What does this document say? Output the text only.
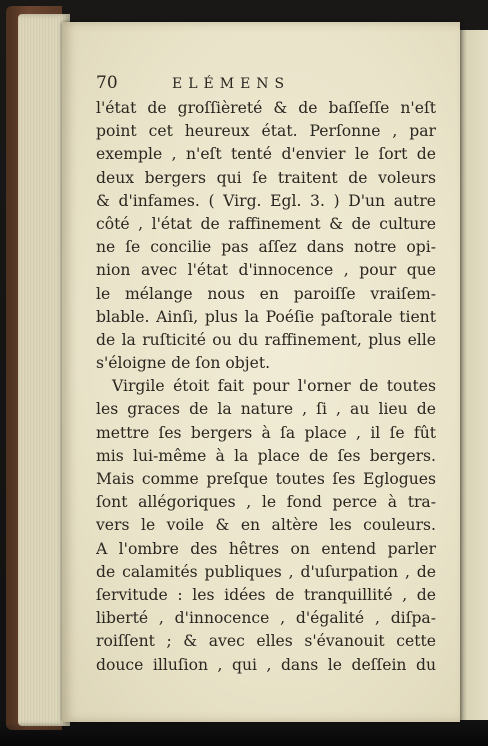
70	ELÉMENS
l'état de groſſièreté & de baſſeſſe n'eſt
point cet heureux état. Perſonne , par
exemple , n'eſt tenté d'envier le ſort de
deux bergers qui ſe traitent de voleurs
& d'infames. ( Virg. Egl. 3. ) D'un autre
côté , l'état de raffinement & de culture
ne ſe concilie pas aſſez dans notre opi-
nion avec l'état d'innocence , pour que
le mélange nous en paroiſſe vraiſem-
blable. Ainſi, plus la Poéſie paſtorale tient
de la ruſticité ou du raffinement, plus elle
s'éloigne de ſon objet.
Virgile étoit fait pour l'orner de toutes
les graces de la nature , ſi , au lieu de
mettre ſes bergers à ſa place , il ſe fût
mis lui-même à la place de ſes bergers.
Mais comme preſque toutes ſes Eglogues
ſont allégoriques , le fond perce à tra-
vers le voile & en altère les couleurs.
A l'ombre des hêtres on entend parler
de calamités publiques , d'uſurpation , de
ſervitude : les idées de tranquillité , de
liberté , d'innocence , d'égalité , diſpa-
roiſſent ; & avec elles s'évanouit cette
douce illuſion , qui , dans le deſſein du
